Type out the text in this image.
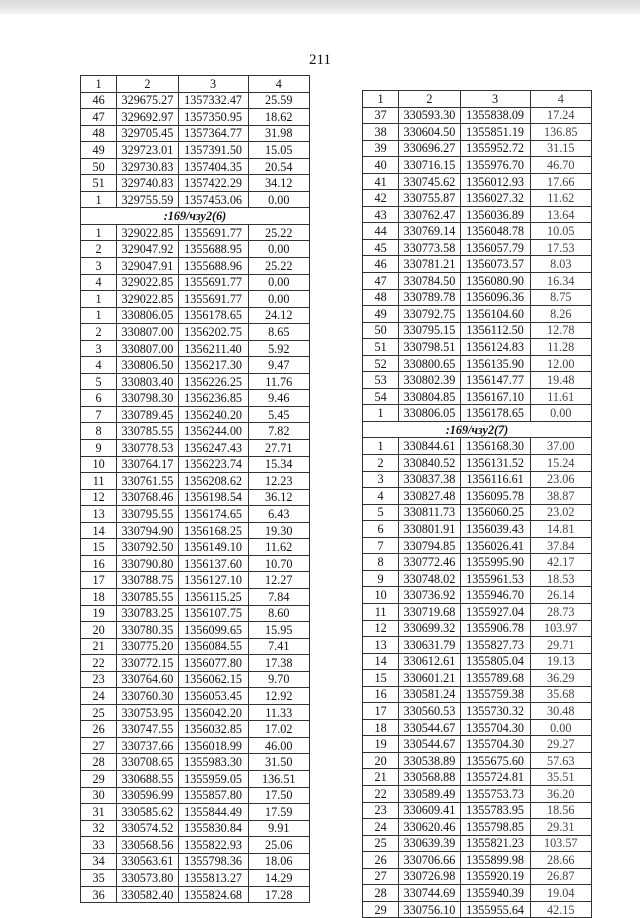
211
1	2	3	4
46	329675.27	1357332.47	25.59
47	329692.97	1357350.95	18.62
48	329705.45	1357364.77	31.98
49	329723.01	1357391.50	15.05
50	329730.83	1357404.35	20.54
51	329740.83	1357422.29	34.12
1	329755.59	1357453.06	0.00
:169/чзу2(6)			
1	329022.85	1355691.77	25.22
2	329047.92	1355688.95	0.00
3	329047.91	1355688.96	25.22
4	329022.85	1355691.77	0.00
1	329022.85	1355691.77	0.00
1	330806.05	1356178.65	24.12
2	330807.00	1356202.75	8.65
3	330807.00	1356211.40	5.92
4	330806.50	1356217.30	9.47
5	330803.40	1356226.25	11.76
6	330798.30	1356236.85	9.46
7	330789.45	1356240.20	5.45
8	330785.55	1356244.00	7.82
9	330778.53	1356247.43	27.71
10	330764.17	1356223.74	15.34
11	330761.55	1356208.62	12.23
12	330768.46	1356198.54	36.12
13	330795.55	1356174.65	6.43
14	330794.90	1356168.25	19.30
15	330792.50	1356149.10	11.62
16	330790.80	1356137.60	10.70
17	330788.75	1356127.10	12.27
18	330785.55	1356115.25	7.84
19	330783.25	1356107.75	8.60
20	330780.35	1356099.65	15.95
21	330775.20	1356084.55	7.41
22	330772.15	1356077.80	17.38
23	330764.60	1356062.15	9.70
24	330760.30	1356053.45	12.92
25	330753.95	1356042.20	11.33
26	330747.55	1356032.85	17.02
27	330737.66	1356018.99	46.00
28	330708.65	1355983.30	31.50
29	330688.55	1355959.05	136.51
30	330596.99	1355857.80	17.50
31	330585.62	1355844.49	17.59
32	330574.52	1355830.84	9.91
33	330568.56	1355822.93	25.06
34	330563.61	1355798.36	18.06
35	330573.80	1355813.27	14.29
36	330582.40	1355824.68	17.28
1	2	3	4
37	330593.30	1355838.09	17.24
38	330604.50	1355851.19	136.85
39	330696.27	1355952.72	31.15
40	330716.15	1355976.70	46.70
41	330745.62	1356012.93	17.66
42	330755.87	1356027.32	11.62
43	330762.47	1356036.89	13.64
44	330769.14	1356048.78	10.05
45	330773.58	1356057.79	17.53
46	330781.21	1356073.57	8.03
47	330784.50	1356080.90	16.34
48	330789.78	1356096.36	8.75
49	330792.75	1356104.60	8.26
50	330795.15	1356112.50	12.78
51	330798.51	1356124.83	11.28
52	330800.65	1356135.90	12.00
53	330802.39	1356147.77	19.48
54	330804.85	1356167.10	11.61
1	330806.05	1356178.65	0.00
:169/чзу2(7)			
1	330844.61	1356168.30	37.00
2	330840.52	1356131.52	15.24
3	330837.38	1356116.61	23.06
4	330827.48	1356095.78	38.87
5	330811.73	1356060.25	23.02
6	330801.91	1356039.43	14.81
7	330794.85	1356026.41	37.84
8	330772.46	1355995.90	42.17
9	330748.02	1355961.53	18.53
10	330736.92	1355946.70	26.14
11	330719.68	1355927.04	28.73
12	330699.32	1355906.78	103.97
13	330631.79	1355827.73	29.71
14	330612.61	1355805.04	19.13
15	330601.21	1355789.68	36.29
16	330581.24	1355759.38	35.68
17	330560.53	1355730.32	30.48
18	330544.67	1355704.30	0.00
19	330544.67	1355704.30	29.27
20	330538.89	1355675.60	57.63
21	330568.88	1355724.81	35.51
22	330589.49	1355753.73	36.20
23	330609.41	1355783.95	18.56
24	330620.46	1355798.85	29.31
25	330639.39	1355821.23	103.57
26	330706.66	1355899.98	28.66
27	330726.98	1355920.19	26.87
28	330744.69	1355940.39	19.04
29	330756.10	1355955.64	42.15
